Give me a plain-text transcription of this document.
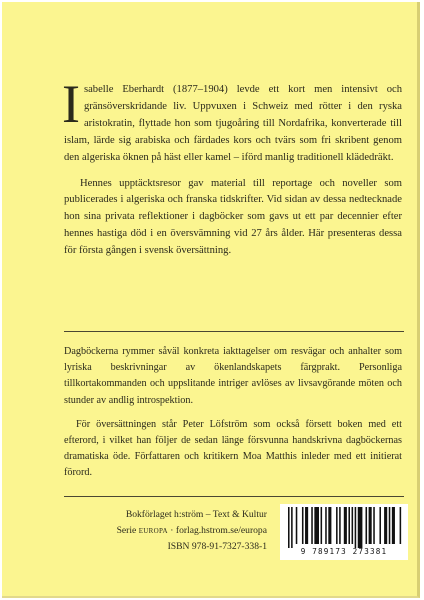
Isabelle Eberhardt (1877–1904) levde ett kort men intensivt och gränsöverskridande liv. Uppvuxen i Schweiz med rötter i den ryska aristokratin, flyttade hon som tjugoåring till Nordafrika, konverterade till islam, lärde sig arabiska och färdades kors och tvärs som fri skribent genom den algeriska öknen på häst eller kamel – iförd manlig traditionell klädedräkt.

Hennes upptäcktsresor gav material till reportage och noveller som publicerades i algeriska och franska tidskrifter. Vid sidan av dessa nedtecknade hon sina privata reflektioner i dagböcker som gavs ut ett par decennier efter hennes hastiga död i en översvämning vid 27 års ålder. Här presenteras dessa för första gången i svensk översättning.

Dagböckerna rymmer såväl konkreta iakttagelser om resvägar och anhalter som lyriska beskrivningar av ökenlandskapets färgprakt. Personliga tillkortakommanden och uppslitande intriger avlöses av livsavgörande möten och stunder av andlig introspektion.

För översättningen står Peter Löfström som också försett boken med ett efterord, i vilket han följer de sedan länge försvunna handskrivna dagböckernas dramatiska öde. Författaren och kritikern Moa Matthis inleder med ett initierat förord.

Bokförlaget h:ström – Text & Kultur
Serie europa · forlag.hstrom.se/europa
ISBN 978-91-7327-338-1	9 789173 273381
